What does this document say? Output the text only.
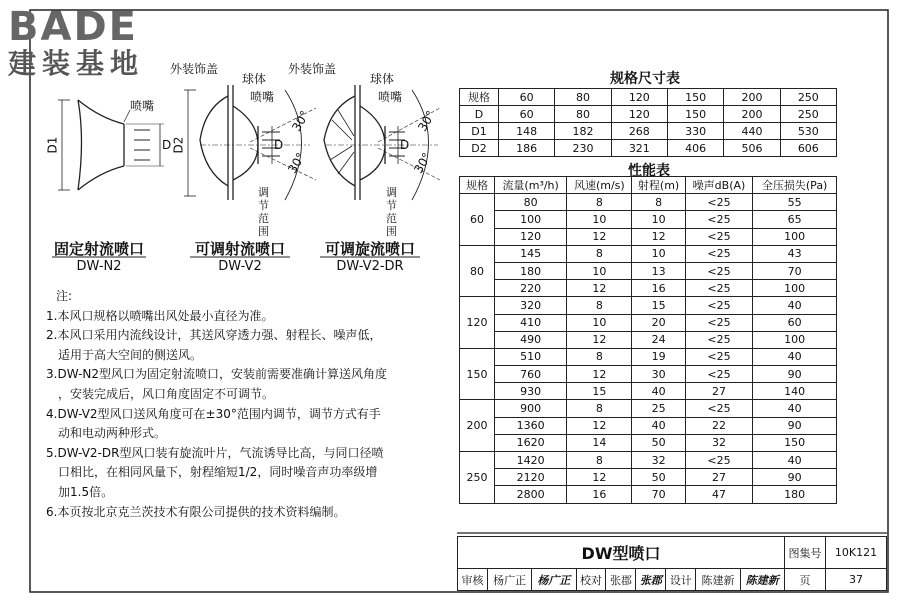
BADE
建装基地	外装饰盖
球体
喷嘴
喷嘴
外装饰盖
球体
喷嘴
D1	D D2	D	D
30°
30°
30°
30°
调节范围
调节范围
固定射流喷口
DW-N2
可调射流喷口
DW-V2
可调旋流喷口
DW-V2-DR
注:
1.本风口规格以喷嘴出风处最小直径为准。
2.本风口采用内流线设计，其送风穿透力强、射程长、噪声低，
适用于高大空间的侧送风。
3.DW-N2型风口为固定射流喷口，安装前需要准确计算送风角度
，安装完成后，风口角度固定不可调节。
4.DW-V2型风口送风角度可在±30°范围内调节，调节方式有手
动和电动两种形式。
5.DW-V2-DR型风口装有旋流叶片，气流诱导比高，与同口径喷
口相比，在相同风量下，射程缩短1/2，同时噪音声功率级增
加1.5倍。
6.本页按北京克兰茨技术有限公司提供的技术资料编制。
规格尺寸表
规格	60	80	120	150	200	250
D	60	80	120	150	200	250
D1	148	182	268	330	440	530
D2	186	230	321	406	506	606
性能表
规格	流量(m³/h)	风速(m/s)	射程(m)	噪声dB(A)	全压损失(Pa)
60	80	8	8	<25	55
	100	10	10	<25	65
	120	12	12	<25	100
80	145	8	10	<25	43
	180	10	13	<25	70
	220	12	16	<25	100
120	320	8	15	<25	40
	410	10	20	<25	60
	490	12	24	<25	100
150	510	8	19	<25	40
	760	12	30	<25	90
	930	15	40	27	140
200	900	8	25	<25	40
	1360	12	40	22	90
	1620	14	50	32	150
250	1420	8	32	<25	40
	2120	12	50	27	90
	2800	16	70	47	180
DW型喷口									图集号	10K121
审核	杨广正	杨广正	校对	张郡	张郡	设计	陈建新	陈建新	页	37
